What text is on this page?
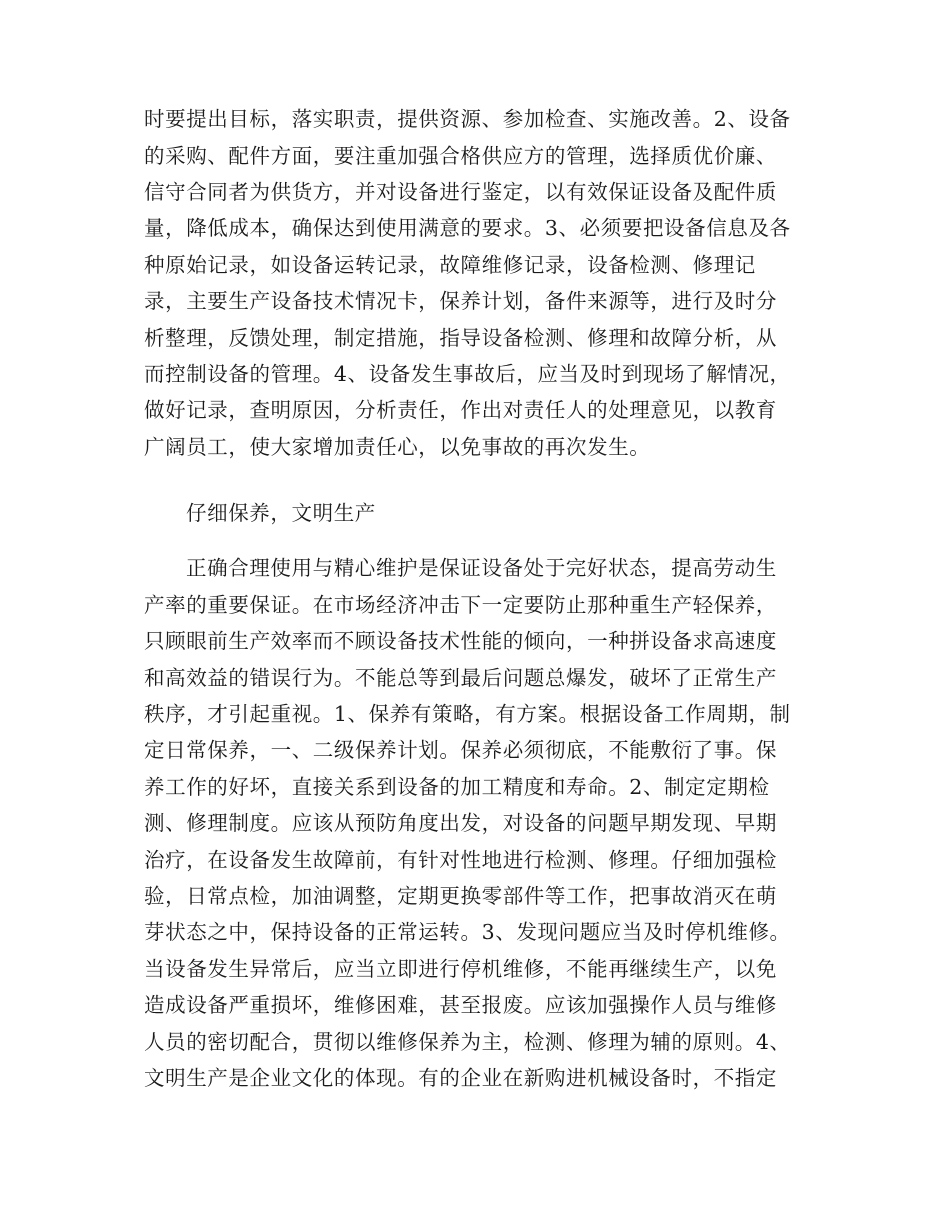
时要提出目标，落实职责，提供资源、参加检查、实施改善。2、设备
的采购、配件方面，要注重加强合格供应方的管理，选择质优价廉、
信守合同者为供货方，并对设备进行鉴定，以有效保证设备及配件质
量，降低成本，确保达到使用满意的要求。3、必须要把设备信息及各
种原始记录，如设备运转记录，故障维修记录，设备检测、修理记
录，主要生产设备技术情况卡，保养计划，备件来源等，进行及时分
析整理，反馈处理，制定措施，指导设备检测、修理和故障分析，从
而控制设备的管理。4、设备发生事故后，应当及时到现场了解情况，
做好记录，查明原因，分析责任，作出对责任人的处理意见，以教育
广阔员工，使大家增加责任心，以免事故的再次发生。
仔细保养，文明生产
正确合理使用与精心维护是保证设备处于完好状态，提高劳动生
产率的重要保证。在市场经济冲击下一定要防止那种重生产轻保养，
只顾眼前生产效率而不顾设备技术性能的倾向，一种拼设备求高速度
和高效益的错误行为。不能总等到最后问题总爆发，破坏了正常生产
秩序，才引起重视。1、保养有策略，有方案。根据设备工作周期，制
定日常保养，一、二级保养计划。保养必须彻底，不能敷衍了事。保
养工作的好坏，直接关系到设备的加工精度和寿命。2、制定定期检
测、修理制度。应该从预防角度出发，对设备的问题早期发现、早期
治疗，在设备发生故障前，有针对性地进行检测、修理。仔细加强检
验，日常点检，加油调整，定期更换零部件等工作，把事故消灭在萌
芽状态之中，保持设备的正常运转。3、发现问题应当及时停机维修。
当设备发生异常后，应当立即进行停机维修，不能再继续生产，以免
造成设备严重损坏，维修困难，甚至报废。应该加强操作人员与维修
人员的密切配合，贯彻以维修保养为主，检测、修理为辅的原则。4、
文明生产是企业文化的体现。有的企业在新购进机械设备时，不指定
